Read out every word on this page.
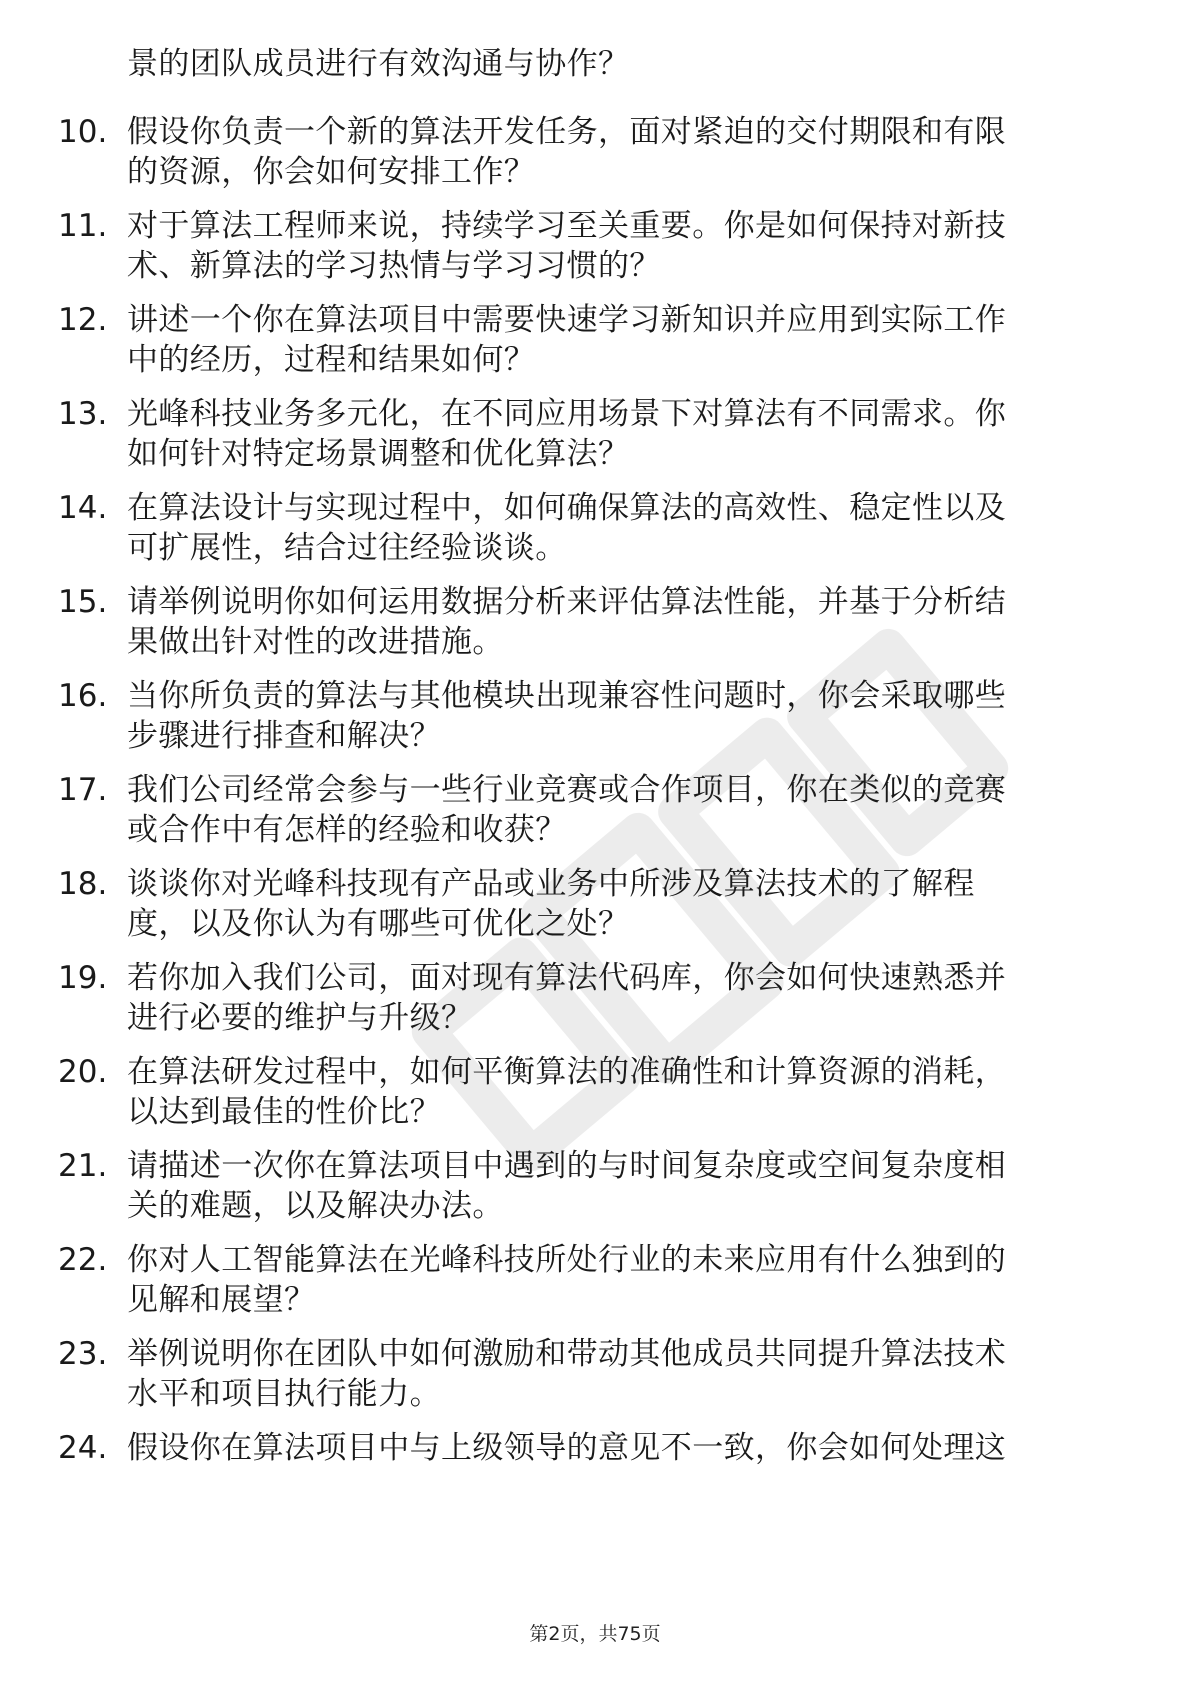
景的团队成员进行有效沟通与协作？
10. 假设你负责一个新的算法开发任务，面对紧迫的交付期限和有限
的资源，你会如何安排工作？
11. 对于算法工程师来说，持续学习至关重要。你是如何保持对新技
术、新算法的学习热情与学习习惯的？
12. 讲述一个你在算法项目中需要快速学习新知识并应用到实际工作
中的经历，过程和结果如何？
13. 光峰科技业务多元化，在不同应用场景下对算法有不同需求。你
如何针对特定场景调整和优化算法？
14. 在算法设计与实现过程中，如何确保算法的高效性、稳定性以及
可扩展性，结合过往经验谈谈。
15. 请举例说明你如何运用数据分析来评估算法性能，并基于分析结
果做出针对性的改进措施。
16. 当你所负责的算法与其他模块出现兼容性问题时，你会采取哪些
步骤进行排查和解决？
17. 我们公司经常会参与一些行业竞赛或合作项目，你在类似的竞赛
或合作中有怎样的经验和收获？
18. 谈谈你对光峰科技现有产品或业务中所涉及算法技术的了解程
度，以及你认为有哪些可优化之处？
19. 若你加入我们公司，面对现有算法代码库，你会如何快速熟悉并
进行必要的维护与升级？
20. 在算法研发过程中，如何平衡算法的准确性和计算资源的消耗，
以达到最佳的性价比？
21. 请描述一次你在算法项目中遇到的与时间复杂度或空间复杂度相
关的难题，以及解决办法。
22. 你对人工智能算法在光峰科技所处行业的未来应用有什么独到的
见解和展望？
23. 举例说明你在团队中如何激励和带动其他成员共同提升算法技术
水平和项目执行能力。
24. 假设你在算法项目中与上级领导的意见不一致，你会如何处理这
第2页，共75页
